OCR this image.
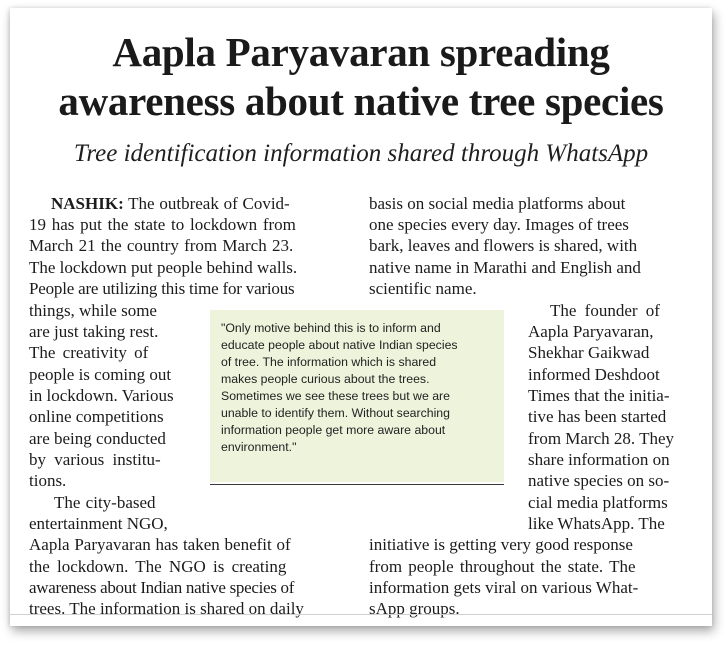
Aapla Paryavaran spreading
awareness about native tree species
Tree identification information shared through WhatsApp
NASHIK: The outbreak of Covid-
19 has put the state to lockdown from
March 21 the country from March 23.
The lockdown put people behind walls.
People are utilizing this time for various
things, while some
are just taking rest.
The creativity of
people is coming out
in lockdown. Various
online competitions
are being conducted
by various institu-
tions.
The city-based
entertainment NGO,
Aapla Paryavaran has taken benefit of
the lockdown. The NGO is creating
awareness about Indian native species of
trees. The information is shared on daily
basis on social media platforms about
one species every day. Images of trees
bark, leaves and flowers is shared, with
native name in Marathi and English and
scientific name.
The founder of
Aapla Paryavaran,
Shekhar Gaikwad
informed Deshdoot
Times that the initia-
tive has been started
from March 28. They
share information on
native species on so-
cial media platforms
like WhatsApp. The
initiative is getting very good response
from people throughout the state. The
information gets viral on various What-
sApp groups.
"Only motive behind this is to inform and
educate people about native Indian species
of tree. The information which is shared
makes people curious about the trees.
Sometimes we see these trees but we are
unable to identify them. Without searching
information people get more aware about
environment."
